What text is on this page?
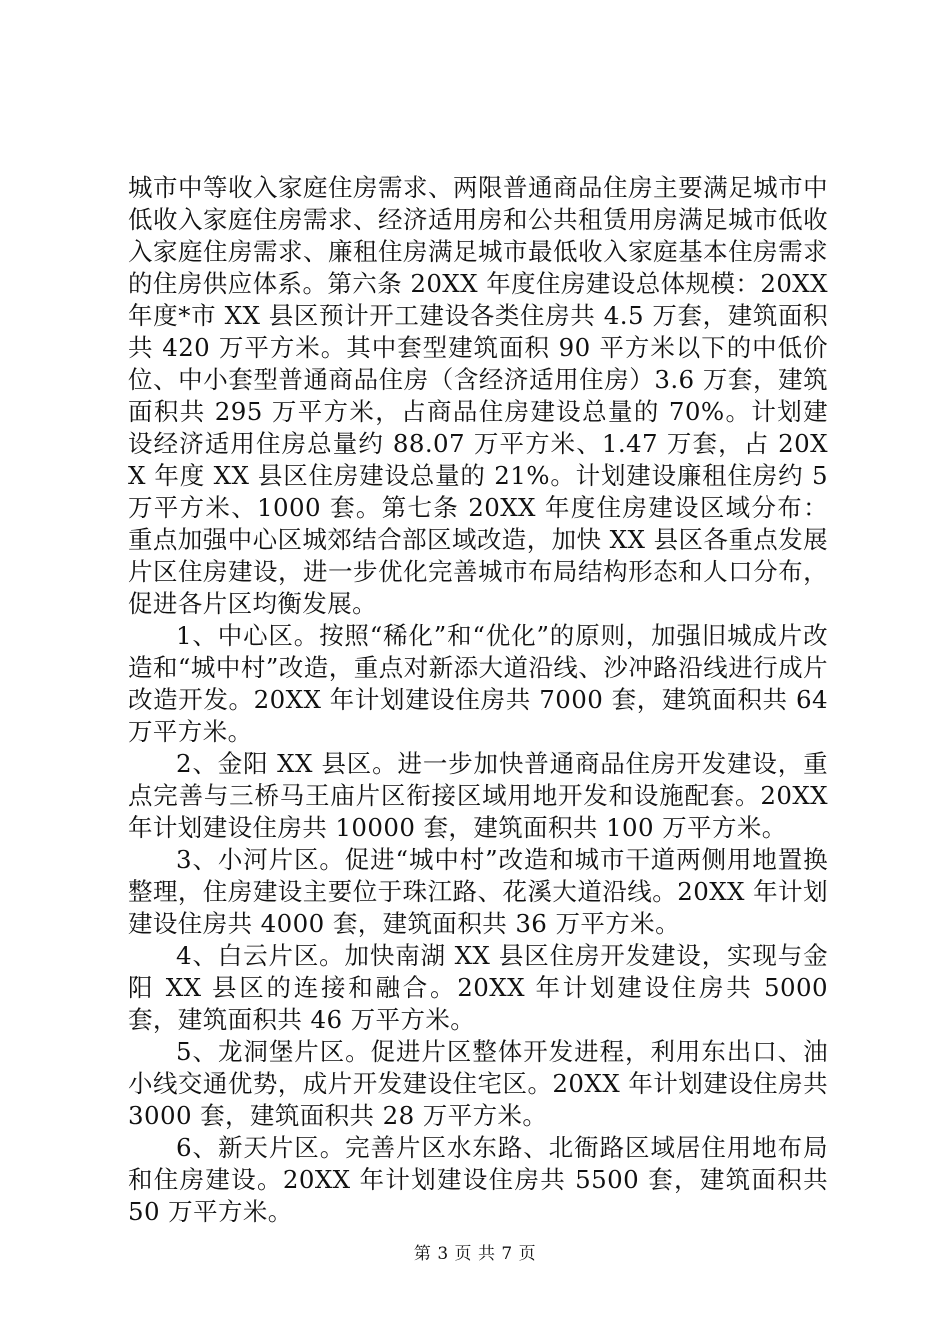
城市中等收入家庭住房需求、两限普通商品住房主要满足城市中低收入家庭住房需求、经济适用房和公共租赁用房满足城市低收入家庭住房需求、廉租住房满足城市最低收入家庭基本住房需求的住房供应体系。第六条 20XX 年度住房建设总体规模：20XX 年度*市 XX 县区预计开工建设各类住房共 4.5 万套，建筑面积共 420 万平方米。其中套型建筑面积 90 平方米以下的中低价位、中小套型普通商品住房（含经济适用住房）3.6 万套，建筑面积共 295 万平方米，占商品住房建设总量的 70%。计划建设经济适用住房总量约 88.07 万平方米、1.47 万套，占 20XX 年度 XX 县区住房建设总量的 21%。计划建设廉租住房约 5 万平方米、1000 套。第七条 20XX 年度住房建设区域分布：重点加强中心区城郊结合部区域改造，加快 XX 县区各重点发展片区住房建设，进一步优化完善城市布局结构形态和人口分布，促进各片区均衡发展。

1、中心区。按照“稀化”和“优化”的原则，加强旧城成片改造和“城中村”改造，重点对新添大道沿线、沙冲路沿线进行成片改造开发。20XX 年计划建设住房共 7000 套，建筑面积共 64 万平方米。

2、金阳 XX 县区。进一步加快普通商品住房开发建设，重点完善与三桥马王庙片区衔接区域用地开发和设施配套。20XX 年计划建设住房共 10000 套，建筑面积共 100 万平方米。

3、小河片区。促进“城中村”改造和城市干道两侧用地置换整理，住房建设主要位于珠江路、花溪大道沿线。20XX 年计划建设住房共 4000 套，建筑面积共 36 万平方米。

4、白云片区。加快南湖 XX 县区住房开发建设，实现与金阳 XX 县区的连接和融合。20XX 年计划建设住房共 5000 套，建筑面积共 46 万平方米。

5、龙洞堡片区。促进片区整体开发进程，利用东出口、油小线交通优势，成片开发建设住宅区。20XX 年计划建设住房共 3000 套，建筑面积共 28 万平方米。

6、新天片区。完善片区水东路、北衙路区域居住用地布局和住房建设。20XX 年计划建设住房共 5500 套，建筑面积共 50 万平方米。

第 3 页 共 7 页
